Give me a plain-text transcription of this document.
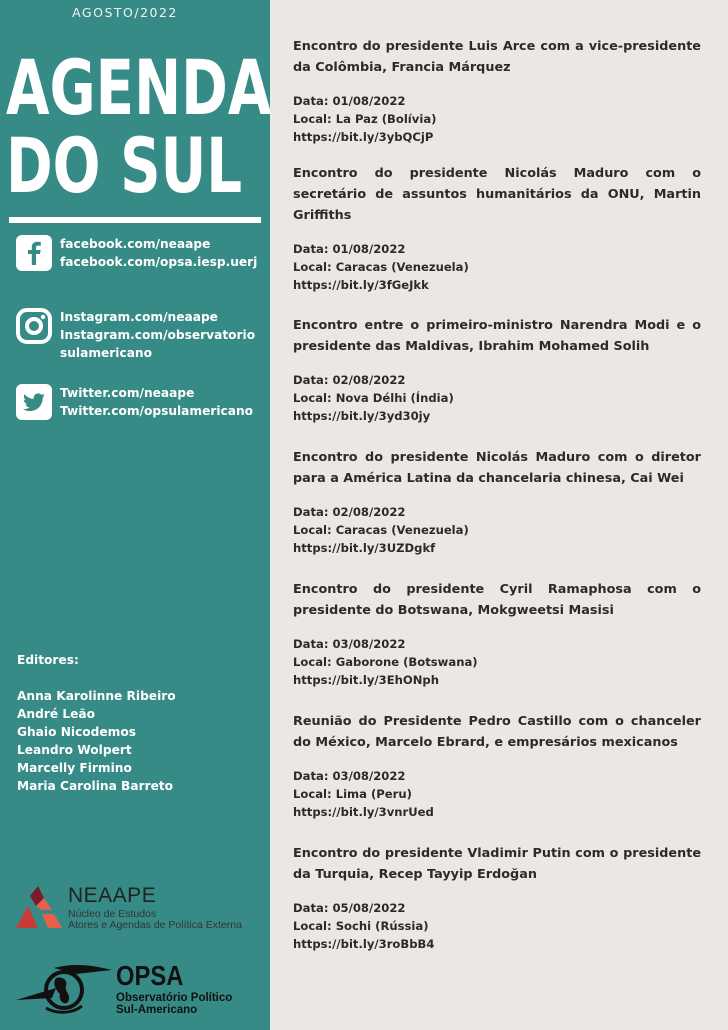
AGOSTO/2022
AGENDA
DO SUL
facebook.com/neaape
facebook.com/opsa.iesp.uerj
Instagram.com/neaape
Instagram.com/observatorio
sulamericano
Twitter.com/neaape
Twitter.com/opsulamericano
Editores:
Anna Karolinne Ribeiro
André Leão
Ghaio Nicodemos
Leandro Wolpert
Marcelly Firmino
Maria Carolina Barreto
NEAAPE
Núcleo de Estudos
Atores e Agendas de Política Externa
OPSA
Observatório Político
Sul-Americano
Encontro do presidente Luis Arce com a vice-presidente da Colômbia, Francia Márquez
Data: 01/08/2022
Local: La Paz (Bolívia)
https://bit.ly/3ybQCjP
Encontro do presidente Nicolás Maduro com o secretário de assuntos humanitários da ONU, Martin Griffiths
Data: 01/08/2022
Local: Caracas (Venezuela)
https://bit.ly/3fGeJkk
Encontro entre o primeiro-ministro Narendra Modi e o presidente das Maldivas, Ibrahim Mohamed Solih
Data: 02/08/2022
Local: Nova Délhi (Índia)
https://bit.ly/3yd30jy
Encontro do presidente Nicolás Maduro com o diretor para a América Latina da chancelaria chinesa, Cai Wei
Data: 02/08/2022
Local: Caracas (Venezuela)
https://bit.ly/3UZDgkf
Encontro do presidente Cyril Ramaphosa com o presidente do Botswana, Mokgweetsi Masisi
Data: 03/08/2022
Local: Gaborone (Botswana)
https://bit.ly/3EhONph
Reunião do Presidente Pedro Castillo com o chanceler do México, Marcelo Ebrard, e empresários mexicanos
Data: 03/08/2022
Local: Lima (Peru)
https://bit.ly/3vnrUed
Encontro do presidente Vladimir Putin com o presidente da Turquia, Recep Tayyip Erdoğan
Data: 05/08/2022
Local: Sochi (Rússia)
https://bit.ly/3roBbB4
